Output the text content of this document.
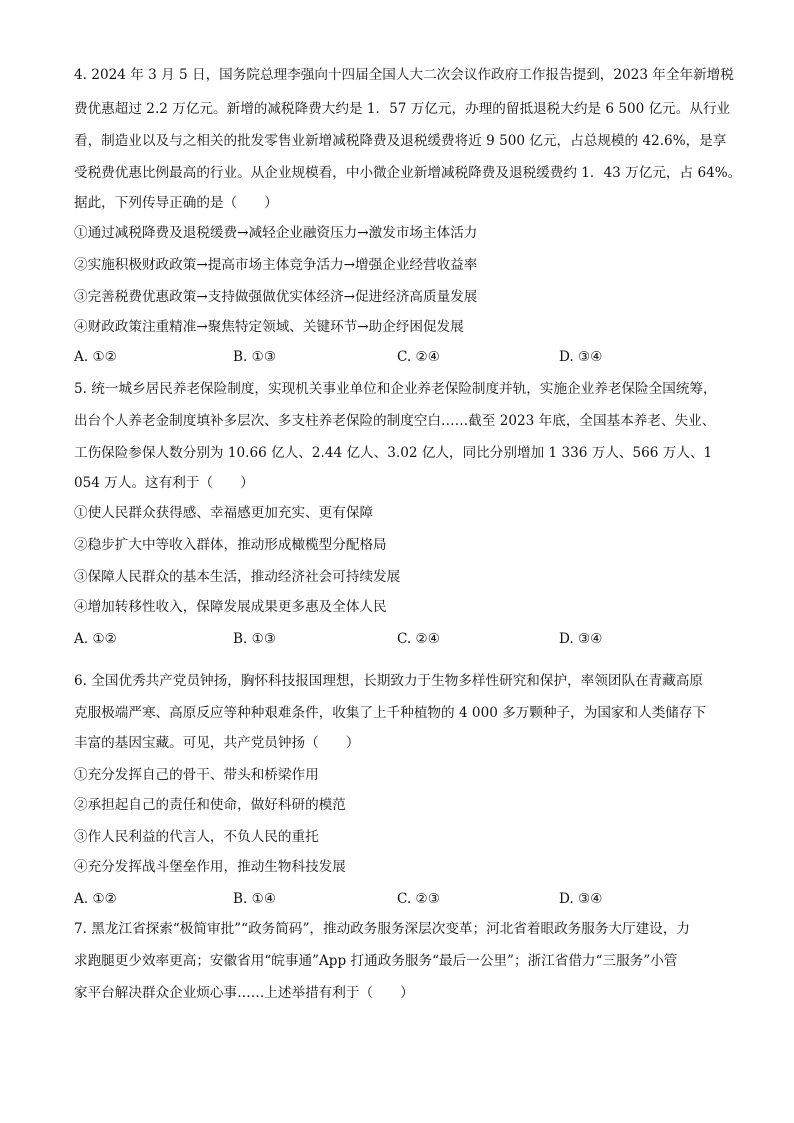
4. 2024 年 3 月 5 日，国务院总理李强向十四届全国人大二次会议作政府工作报告提到，2023 年全年新增税
费优惠超过 2.2 万亿元。新增的减税降费大约是 1．57 万亿元，办理的留抵退税大约是 6 500 亿元。从行业
看，制造业以及与之相关的批发零售业新增减税降费及退税缓费将近 9 500 亿元，占总规模的 42.6%，是享
受税费优惠比例最高的行业。从企业规模看，中小微企业新增减税降费及退税缓费约 1．43 万亿元，占 64%。
据此，下列传导正确的是（　　）
①通过减税降费及退税缓费→减轻企业融资压力→激发市场主体活力
②实施积极财政政策→提高市场主体竞争活力→增强企业经营收益率
③完善税费优惠政策→支持做强做优实体经济→促进经济高质量发展
④财政政策注重精准→聚焦特定领域、关键环节→助企纾困促发展
A. ①②	B. ①③	C. ②④	D. ③④
5. 统一城乡居民养老保险制度，实现机关事业单位和企业养老保险制度并轨，实施企业养老保险全国统筹，
出台个人养老金制度填补多层次、多支柱养老保险的制度空白……截至 2023 年底，全国基本养老、失业、
工伤保险参保人数分别为 10.66 亿人、2.44 亿人、3.02 亿人，同比分别增加 1 336 万人、566 万人、1
054 万人。这有利于（　　）
①使人民群众获得感、幸福感更加充实、更有保障
②稳步扩大中等收入群体，推动形成橄榄型分配格局
③保障人民群众的基本生活，推动经济社会可持续发展
④增加转移性收入，保障发展成果更多惠及全体人民
A. ①②	B. ①③	C. ②④	D. ③④
6. 全国优秀共产党员钟扬，胸怀科技报国理想，长期致力于生物多样性研究和保护，率领团队在青藏高原
克服极端严寒、高原反应等种种艰难条件，收集了上千种植物的 4 000 多万颗种子，为国家和人类储存下
丰富的基因宝藏。可见，共产党员钟扬（　　）
①充分发挥自己的骨干、带头和桥梁作用
②承担起自己的责任和使命，做好科研的模范
③作人民利益的代言人，不负人民的重托
④充分发挥战斗堡垒作用，推动生物科技发展
A. ①②	B. ①④	C. ②③	D. ③④
7. 黑龙江省探索“极简审批”“政务简码”，推动政务服务深层次变革；河北省着眼政务服务大厅建设，力
求跑腿更少效率更高；安徽省用“皖事通”App 打通政务服务“最后一公里”；浙江省借力“三服务”小管
家平台解决群众企业烦心事……上述举措有利于（　　）
